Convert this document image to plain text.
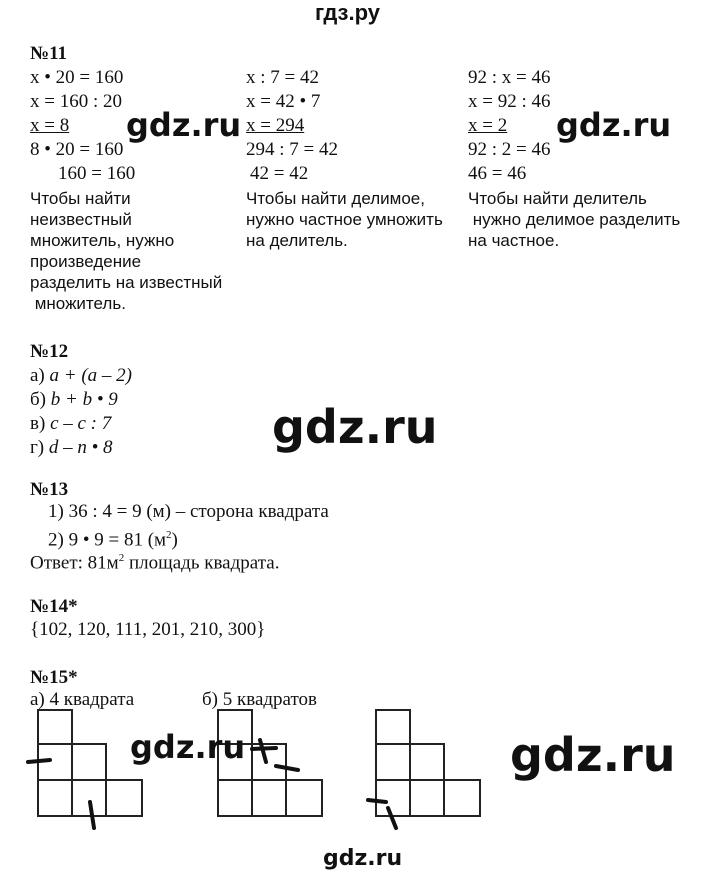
гдз.ру
№11
x • 20 = 160
x = 160 : 20
x = 8
8 • 20 = 160
160 = 160
Чтобы найти
неизвестный
множитель, нужно
произведение
разделить на известный
множитель.
x : 7 = 42
x = 42 • 7
x = 294
294 : 7 = 42
42 = 42
Чтобы найти делимое,
нужно частное умножить
на делитель.
92 : x = 46
x = 92 : 46
x = 2
92 : 2 = 46
46 = 46
Чтобы найти делитель
нужно делимое разделить
на частное.
gdz.ru	gdz.ru
№12
а) a + (a – 2)
б) b + b • 9
в) c – c : 7
г) d – n • 8	gdz.ru
№13
1) 36 : 4 = 9 (м) – сторона квадрата
2) 9 • 9 = 81 $(м^2)$
Ответ: $81м^2$ площадь квадрата.
№14*
{102, 120, 111, 201, 210, 300}
№15*
а) 4 квадрата	б) 5 квадратов
gdz.ru	gdz.ru
gdz.ru
